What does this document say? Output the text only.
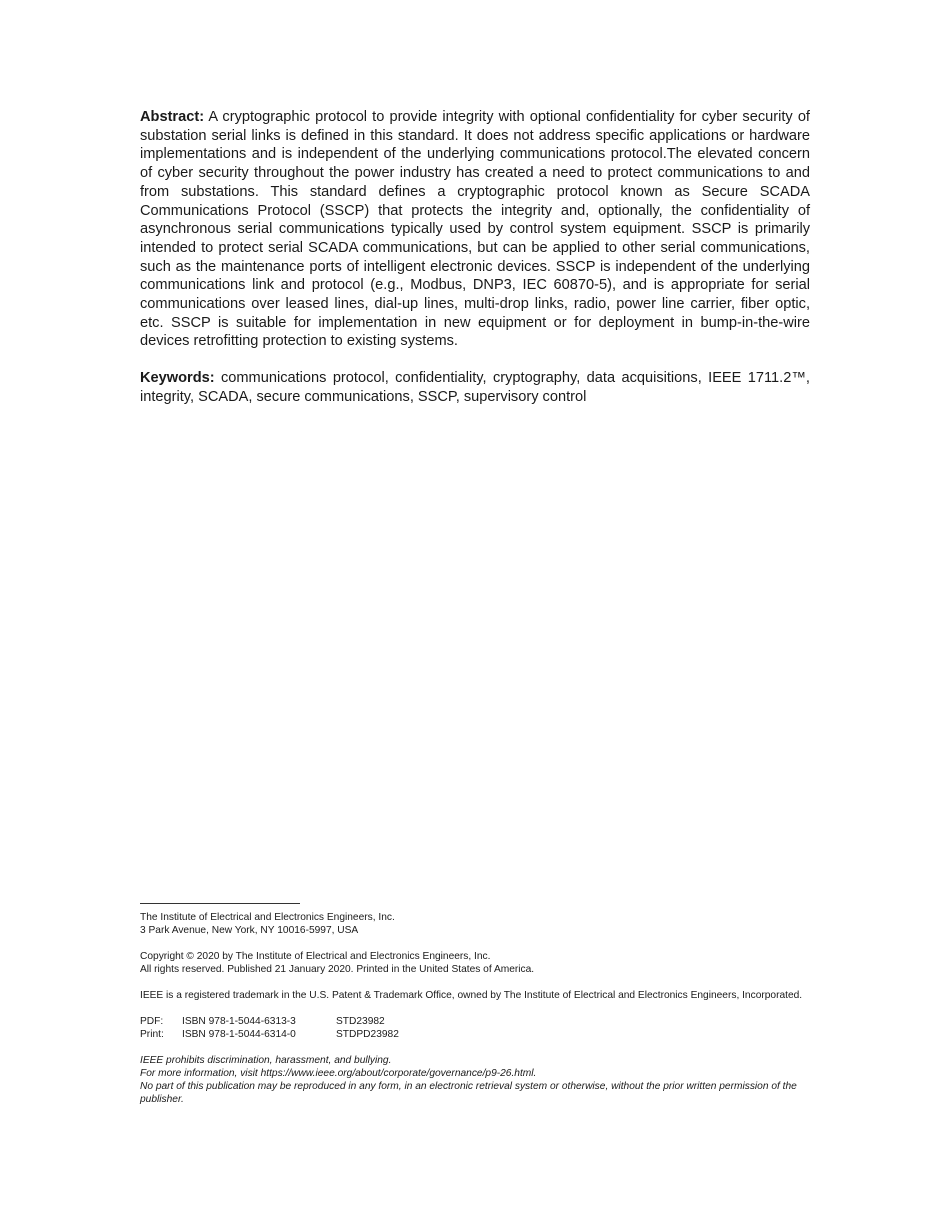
Abstract: A cryptographic protocol to provide integrity with optional confidentiality for cyber security of substation serial links is defined in this standard. It does not address specific applications or hardware implementations and is independent of the underlying communications protocol.The elevated concern of cyber security throughout the power industry has created a need to protect communications to and from substations. This standard defines a cryptographic protocol known as Secure SCADA Communications Protocol (SSCP) that protects the integrity and, optionally, the confidentiality of asynchronous serial communications typically used by control system equipment. SSCP is primarily intended to protect serial SCADA communications, but can be applied to other serial communications, such as the maintenance ports of intelligent electronic devices. SSCP is independent of the underlying communications link and protocol (e.g., Modbus, DNP3, IEC 60870-5), and is appropriate for serial communications over leased lines, dial-up lines, multi-drop links, radio, power line carrier, fiber optic, etc. SSCP is suitable for implementation in new equipment or for deployment in bump-in-the-wire devices retrofitting protection to existing systems.

Keywords: communications protocol, confidentiality, cryptography, data acquisitions, IEEE 1711.2™, integrity, SCADA, secure communications, SSCP, supervisory control

The Institute of Electrical and Electronics Engineers, Inc.
3 Park Avenue, New York, NY 10016-5997, USA
Copyright © 2020 by The Institute of Electrical and Electronics Engineers, Inc.
All rights reserved. Published 21 January 2020. Printed in the United States of America.
IEEE is a registered trademark in the U.S. Patent & Trademark Office, owned by The Institute of Electrical and Electronics Engineers, Incorporated.
PDF:	ISBN 978-1-5044-6313-3	STD23982
Print:	ISBN 978-1-5044-6314-0	STDPD23982
IEEE prohibits discrimination, harassment, and bullying.
For more information, visit https://www.ieee.org/about/corporate/governance/p9-26.html.
No part of this publication may be reproduced in any form, in an electronic retrieval system or otherwise, without the prior written permission of the publisher.
